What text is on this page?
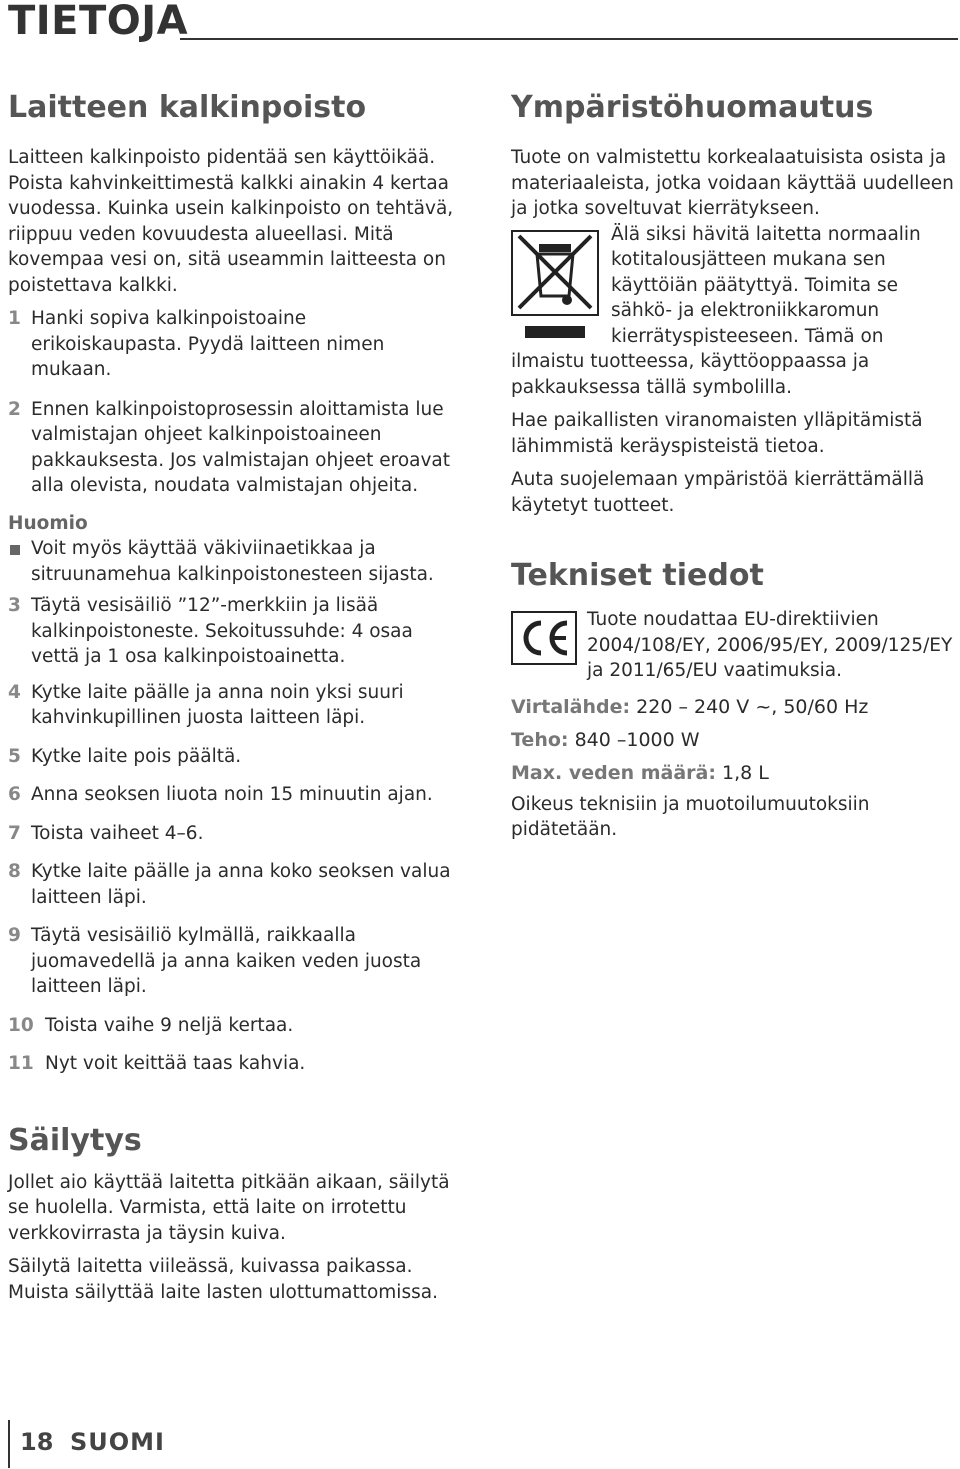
TIETOJA
Laitteen kalkinpoisto

Laitteen kalkinpoisto pidentää sen käyttöikää. Poista kahvinkeittimestä kalkki ainakin 4 kertaa vuodessa. Kuinka usein kalkinpoisto on tehtävä, riippuu veden kovuudesta alueellasi. Mitä kovempaa vesi on, sitä useammin laitteesta on poistettava kalkki.

1 Hanki sopiva kalkinpoistoaine erikoiskaupasta. Pyydä laitteen nimen mukaan.
2 Ennen kalkinpoistoprosessin aloittamista lue valmistajan ohjeet kalkinpoistoaineen pakkauksesta. Jos valmistajan ohjeet eroavat alla olevista, noudata valmistajan ohjeita.
Huomio
Voit myös käyttää väkiviinaetikkaa ja sitruunamehua kalkinpoistonesteen sijasta.
3 Täytä vesisäiliö ”12”-merkkiin ja lisää kalkinpoistoneste. Sekoitussuhde: 4 osaa vettä ja 1 osa kalkinpoistoainetta.
4 Kytke laite päälle ja anna noin yksi suuri kahvinkupillinen juosta laitteen läpi.
5 Kytke laite pois päältä.
6 Anna seoksen liuota noin 15 minuutin ajan.
7 Toista vaiheet 4–6.
8 Kytke laite päälle ja anna koko seoksen valua laitteen läpi.
9 Täytä vesisäiliö kylmällä, raikkaalla juomavedellä ja anna kaiken veden juosta laitteen läpi.
10 Toista vaihe 9 neljä kertaa.
11 Nyt voit keittää taas kahvia.
Säilytys

Jollet aio käyttää laitetta pitkään aikaan, säilytä se huolella. Varmista, että laite on irrotettu verkkovirrasta ja täysin kuiva.

Säilytä laitetta viileässä, kuivassa paikassa. Muista säilyttää laite lasten ulottumattomissa.

Ympäristöhuomautus

Tuote on valmistettu korkealaatuisista osista ja materiaaleista, jotka voidaan käyttää uudelleen ja jotka soveltuvat kierrätykseen.

Älä siksi hävitä laitetta normaalin kotitalousjätteen mukana sen käyttöiän päätyttyä. Toimita se sähkö- ja elektroniikkaromun kierrätyspisteeseen. Tämä on ilmaistu tuotteessa, käyttöoppaassa ja pakkauksessa tällä symbolilla.

Hae paikallisten viranomaisten ylläpitämistä lähimmistä keräyspisteistä tietoa.

Auta suojelemaan ympäristöä kierrättämällä käytetyt tuotteet.

Tekniset tiedot

Tuote noudattaa EU-direktiivien 2004/108/EY, 2006/95/EY, 2009/125/EY ja 2011/65/EU vaatimuksia.

Virtalähde: 220 – 240 V ~, 50/60 Hz

Teho: 840 –1000 W

Max. veden määrä: 1,8 L

Oikeus teknisiin ja muotoilumuutoksiin pidätetään.

18 SUOMI
